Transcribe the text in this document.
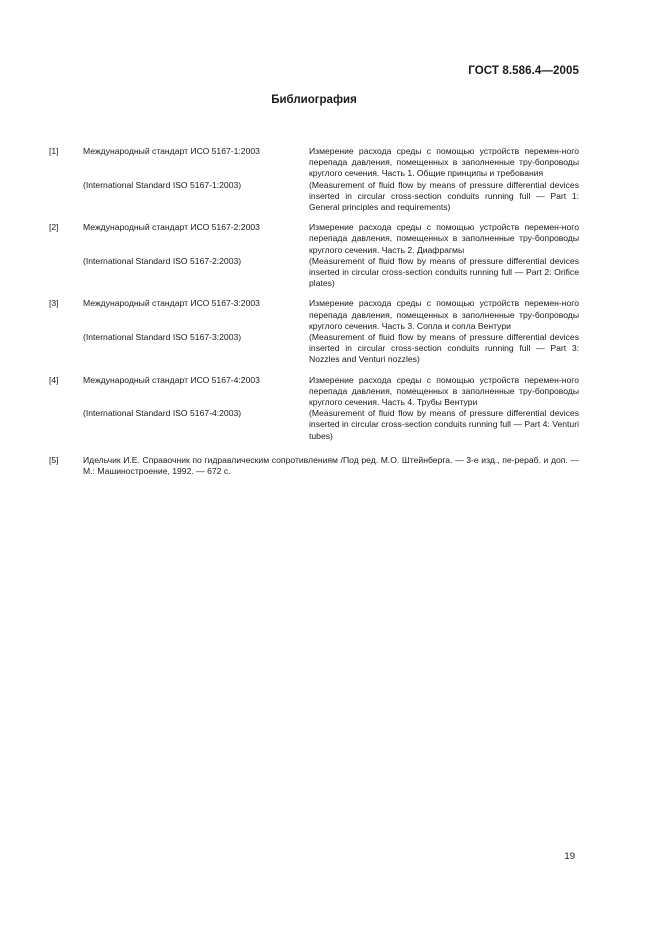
ГОСТ 8.586.4—2005
Библиография
[1]	Международный стандарт ИСО 5167-1:2003	Измерение расхода среды с помощью устройств перемен-ного перепада давления, помещенных в заполненные тру-бопроводы круглого сечения. Часть 1. Общие принципы и требования
(International Standard ISO 5167-1:2003)	(Measurement of fluid flow by means of pressure differential devices inserted in circular cross-section conduits running full — Part 1: General principles and requirements)
[2]	Международный стандарт ИСО 5167-2:2003	Измерение расхода среды с помощью устройств перемен-ного перепада давления, помещенных в заполненные тру-бопроводы круглого сечения. Часть 2. Диафрагмы
(International Standard ISO 5167-2:2003)	(Measurement of fluid flow by means of pressure differential devices inserted in circular cross-section conduits running full — Part 2: Orifice plates)
[3]	Международный стандарт ИСО 5167-3:2003	Измерение расхода среды с помощью устройств перемен-ного перепада давления, помещенных в заполненные тру-бопроводы круглого сечения. Часть 3. Сопла и сопла Вентури
(International Standard ISO 5167-3:2003)	(Measurement of fluid flow by means of pressure differential devices inserted in circular cross-section conduits running full — Part 3: Nozzles and Venturi nozzles)
[4]	Международный стандарт ИСО 5167-4:2003	Измерение расхода среды с помощью устройств перемен-ного перепада давления, помещенных в заполненные тру-бопроводы круглого сечения. Часть 4. Трубы Вентури
(International Standard ISO 5167-4:2003)	(Measurement of fluid flow by means of pressure differential devices inserted in circular cross-section conduits running full — Part 4: Venturi tubes)
[5]	Идельчик И.Е. Справочник по гидравлическим сопротивлениям /Под ред. М.О. Штейнберга. — 3-е изд., пе-рераб. и доп. — М.: Машиностроение, 1992. — 672 с.
19
